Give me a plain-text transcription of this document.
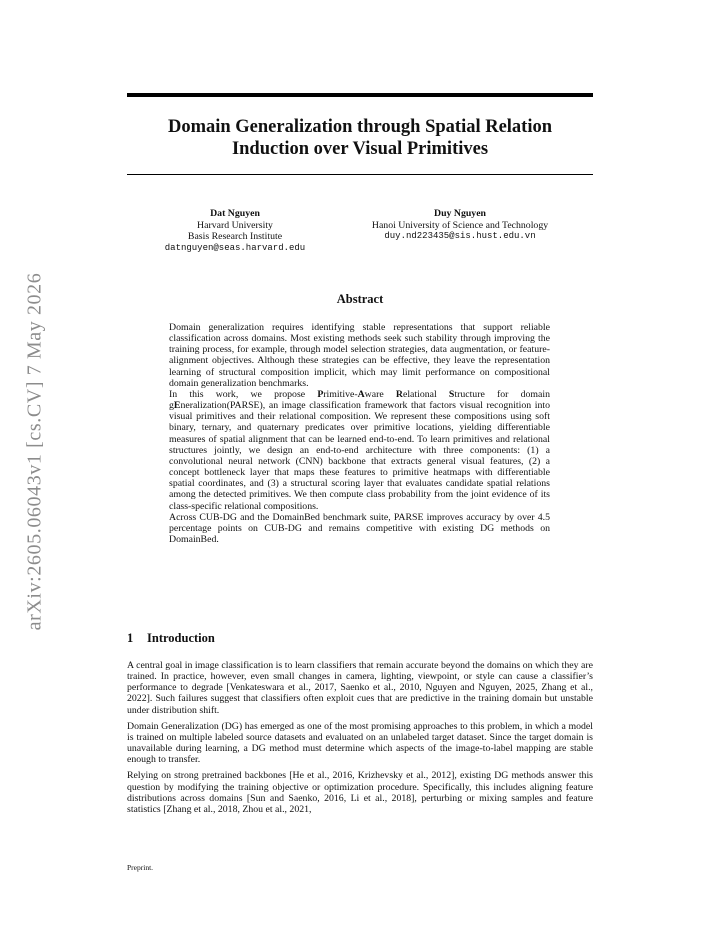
arXiv:2605.06043v1 [cs.CV] 7 May 2026
Domain Generalization through Spatial Relation
Induction over Visual Primitives
Dat Nguyen
Harvard University
Basis Research Institute
datnguyen@seas.harvard.edu
Duy Nguyen
Hanoi University of Science and Technology
duy.nd223435@sis.hust.edu.vn
Abstract

Domain generalization requires identifying stable representations that support reliable classification across domains. Most existing methods seek such stability through improving the training process, for example, through model selection strategies, data augmentation, or feature-alignment objectives. Although these strategies can be effective, they leave the representation learning of structural composition implicit, which may limit performance on compositional domain generalization benchmarks.

In this work, we propose Primitive-Aware Relational Structure for domain gEneralization(PARSE), an image classification framework that factors visual recognition into visual primitives and their relational composition. We represent these compositions using soft binary, ternary, and quaternary predicates over primitive locations, yielding differentiable measures of spatial alignment that can be learned end-to-end. To learn primitives and relational structures jointly, we design an end-to-end architecture with three components: (1) a convolutional neural network (CNN) backbone that extracts general visual features, (2) a concept bottleneck layer that maps these features to primitive heatmaps with differentiable spatial coordinates, and (3) a structural scoring layer that evaluates candidate spatial relations among the detected primitives. We then compute class probability from the joint evidence of its class-specific relational compositions.

Across CUB-DG and the DomainBed benchmark suite, PARSE improves accuracy by over 4.5 percentage points on CUB-DG and remains competitive with existing DG methods on DomainBed.

1 Introduction

A central goal in image classification is to learn classifiers that remain accurate beyond the domains on which they are trained. In practice, however, even small changes in camera, lighting, viewpoint, or style can cause a classifier’s performance to degrade [Venkateswara et al., 2017, Saenko et al., 2010, Nguyen and Nguyen, 2025, Zhang et al., 2022]. Such failures suggest that classifiers often exploit cues that are predictive in the training domain but unstable under distribution shift.

Domain Generalization (DG) has emerged as one of the most promising approaches to this problem, in which a model is trained on multiple labeled source datasets and evaluated on an unlabeled target dataset. Since the target domain is unavailable during learning, a DG method must determine which aspects of the image-to-label mapping are stable enough to transfer.

Relying on strong pretrained backbones [He et al., 2016, Krizhevsky et al., 2012], existing DG methods answer this question by modifying the training objective or optimization procedure. Specifically, this includes aligning feature distributions across domains [Sun and Saenko, 2016, Li et al., 2018], perturbing or mixing samples and feature statistics [Zhang et al., 2018, Zhou et al., 2021,

Preprint.
